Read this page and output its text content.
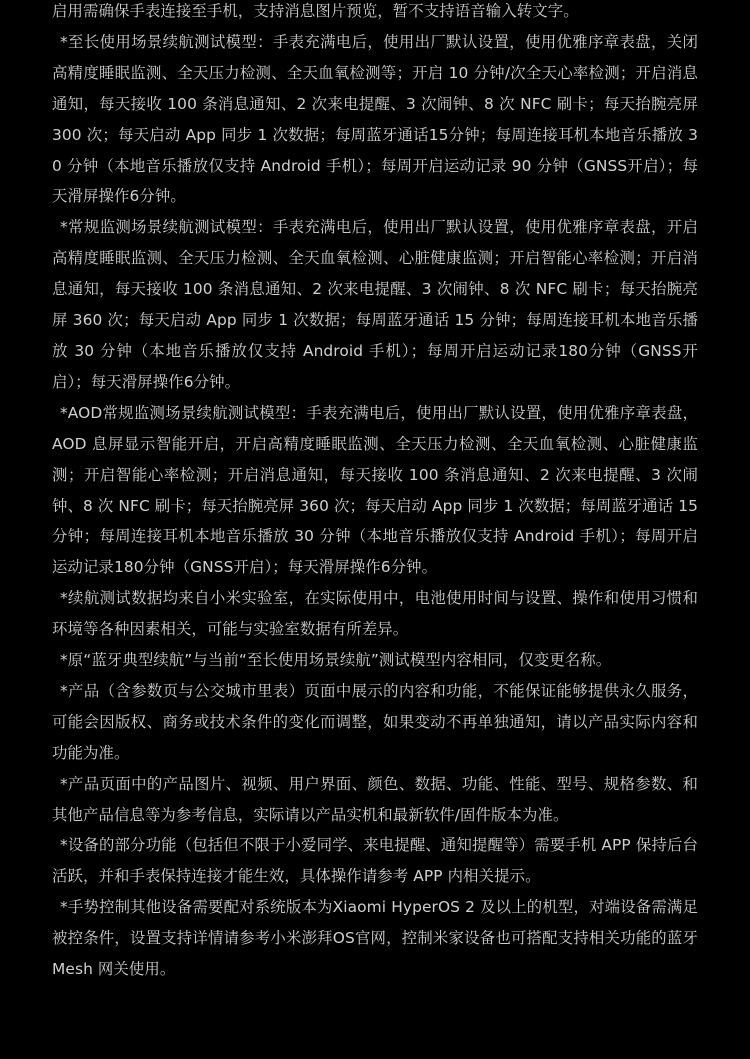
启用需确保手表连接至手机，支持消息图片预览，暂不支持语音输入转文字。

*至长使用场景续航测试模型：手表充满电后，使用出厂默认设置，使用优雅序章表盘，关闭高精度睡眠监测、全天压力检测、全天血氧检测等；开启 10 分钟/次全天心率检测；开启消息通知，每天接收 100 条消息通知、2 次来电提醒、3 次闹钟、8 次 NFC 刷卡；每天抬腕亮屏 300 次；每天启动 App 同步 1 次数据；每周蓝牙通话15分钟；每周连接耳机本地音乐播放 30 分钟（本地音乐播放仅支持 Android 手机）；每周开启运动记录 90 分钟（GNSS开启）；每天滑屏操作6分钟。

*常规监测场景续航测试模型：手表充满电后，使用出厂默认设置，使用优雅序章表盘，开启高精度睡眠监测、全天压力检测、全天血氧检测、心脏健康监测；开启智能心率检测；开启消息通知，每天接收 100 条消息通知、2 次来电提醒、3 次闹钟、8 次 NFC 刷卡；每天抬腕亮屏 360 次；每天启动 App 同步 1 次数据；每周蓝牙通话 15 分钟；每周连接耳机本地音乐播放 30 分钟（本地音乐播放仅支持 Android 手机）；每周开启运动记录180分钟（GNSS开启）；每天滑屏操作6分钟。

*AOD常规监测场景续航测试模型：手表充满电后，使用出厂默认设置，使用优雅序章表盘，AOD 息屏显示智能开启，开启高精度睡眠监测、全天压力检测、全天血氧检测、心脏健康监测；开启智能心率检测；开启消息通知，每天接收 100 条消息通知、2 次来电提醒、3 次闹钟、8 次 NFC 刷卡；每天抬腕亮屏 360 次；每天启动 App 同步 1 次数据；每周蓝牙通话 15 分钟；每周连接耳机本地音乐播放 30 分钟（本地音乐播放仅支持 Android 手机）；每周开启运动记录180分钟（GNSS开启）；每天滑屏操作6分钟。

*续航测试数据均来自小米实验室，在实际使用中，电池使用时间与设置、操作和使用习惯和环境等各种因素相关，可能与实验室数据有所差异。

*原“蓝牙典型续航”与当前“至长使用场景续航”测试模型内容相同，仅变更名称。

*产品（含参数页与公交城市里表）页面中展示的内容和功能，不能保证能够提供永久服务，可能会因版权、商务或技术条件的变化而调整，如果变动不再单独通知，请以产品实际内容和功能为准。

*产品页面中的产品图片、视频、用户界面、颜色、数据、功能、性能、型号、规格参数、和其他产品信息等为参考信息，实际请以产品实机和最新软件/固件版本为准。

*设备的部分功能（包括但不限于小爱同学、来电提醒、通知提醒等）需要手机 APP 保持后台活跃，并和手表保持连接才能生效，具体操作请参考 APP 内相关提示。

*手势控制其他设备需要配对系统版本为Xiaomi HyperOS 2 及以上的机型，对端设备需满足被控条件，设置支持详情请参考小米澎拜OS官网，控制米家设备也可搭配支持相关功能的蓝牙 Mesh 网关使用。
